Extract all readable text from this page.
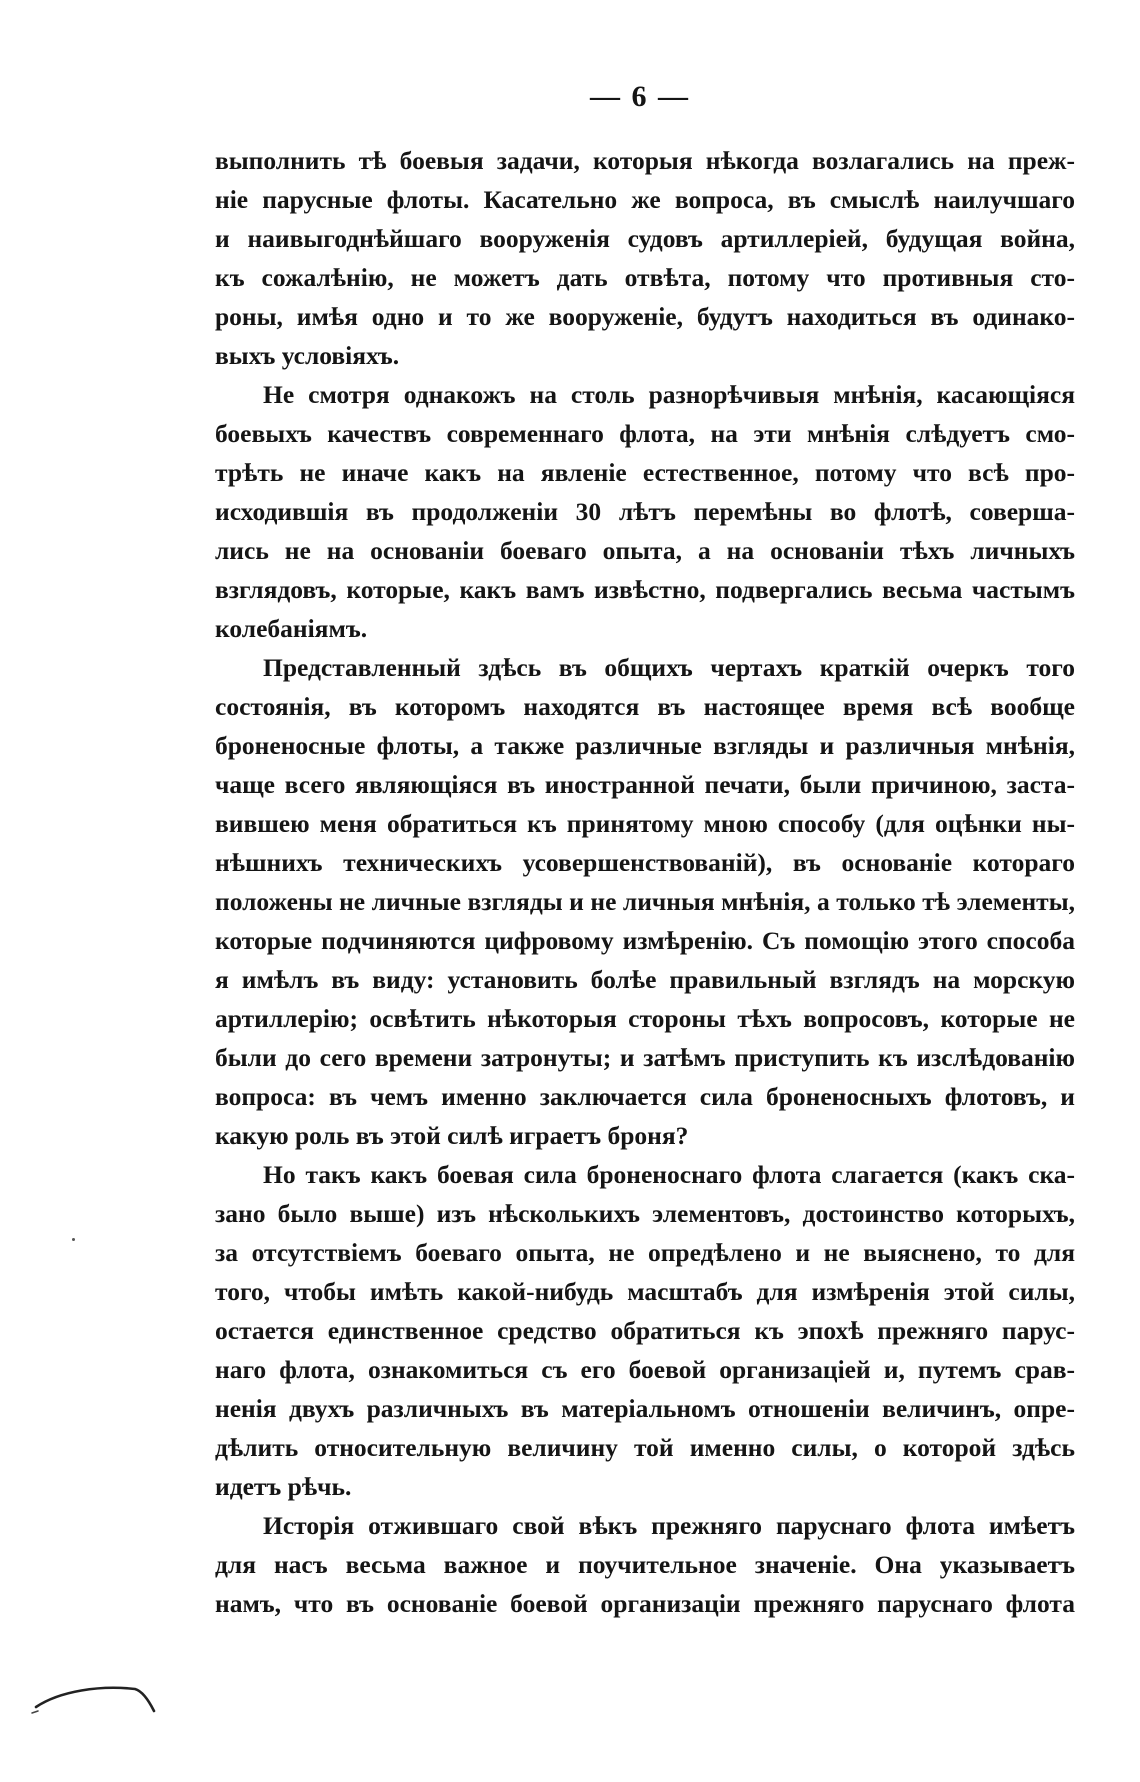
— 6 —
выполнить тѣ боевыя задачи, которыя нѣкогда возлагались на преж-
ніе парусные флоты. Касательно же вопроса, въ смыслѣ наилучшаго
и наивыгоднѣйшаго вооруженія судовъ артиллеріей, будущая война,
къ сожалѣнію, не можетъ дать отвѣта, потому что противныя сто-
роны, имѣя одно и то же вооруженіе, будутъ находиться въ одинако-
выхъ условіяхъ.
Не смотря однакожъ на столь разнорѣчивыя мнѣнія, касающіяся
боевыхъ качествъ современнаго флота, на эти мнѣнія слѣдуетъ смо-
трѣть не иначе какъ на явленіе естественное, потому что всѣ про-
исходившія въ продолженіи 30 лѣтъ перемѣны во флотѣ, соверша-
лись не на основаніи боеваго опыта, а на основаніи тѣхъ личныхъ
взглядовъ, которые, какъ вамъ извѣстно, подвергались весьма частымъ
колебаніямъ.
Представленный здѣсь въ общихъ чертахъ краткій очеркъ того
состоянія, въ которомъ находятся въ настоящее время всѣ вообще
броненосные флоты, а также различные взгляды и различныя мнѣнія,
чаще всего являющіяся въ иностранной печати, были причиною, заста-
вившею меня обратиться къ принятому мною способу (для оцѣнки ны-
нѣшнихъ техническихъ усовершенствованій), въ основаніе котораго
положены не личные взгляды и не личныя мнѣнія, а только тѣ элементы,
которые подчиняются цифровому измѣренію. Съ помощію этого способа
я имѣлъ въ виду: установить болѣе правильный взглядъ на морскую
артиллерію; освѣтить нѣкоторыя стороны тѣхъ вопросовъ, которые не
были до сего времени затронуты; и затѣмъ приступить къ изслѣдованію
вопроса: въ чемъ именно заключается сила броненосныхъ флотовъ, и
какую роль въ этой силѣ играетъ броня?
Но такъ какъ боевая сила броненоснаго флота слагается (какъ ска-
зано было выше) изъ нѣсколькихъ элементовъ, достоинство которыхъ,
за отсутствіемъ боеваго опыта, не опредѣлено и не выяснено, то для
того, чтобы имѣть какой-нибудь масштабъ для измѣренія этой силы,
остается единственное средство обратиться къ эпохѣ прежняго парус-
наго флота, ознакомиться съ его боевой организаціей и, путемъ срав-
ненія двухъ различныхъ въ матеріальномъ отношеніи величинъ, опре-
дѣлить относительную величину той именно силы, о которой здѣсь
идетъ рѣчь.
Исторія отжившаго свой вѣкъ прежняго паруснаго флота имѣетъ
для насъ весьма важное и поучительное значеніе. Она указываетъ
намъ, что въ основаніе боевой организаціи прежняго паруснаго флота
